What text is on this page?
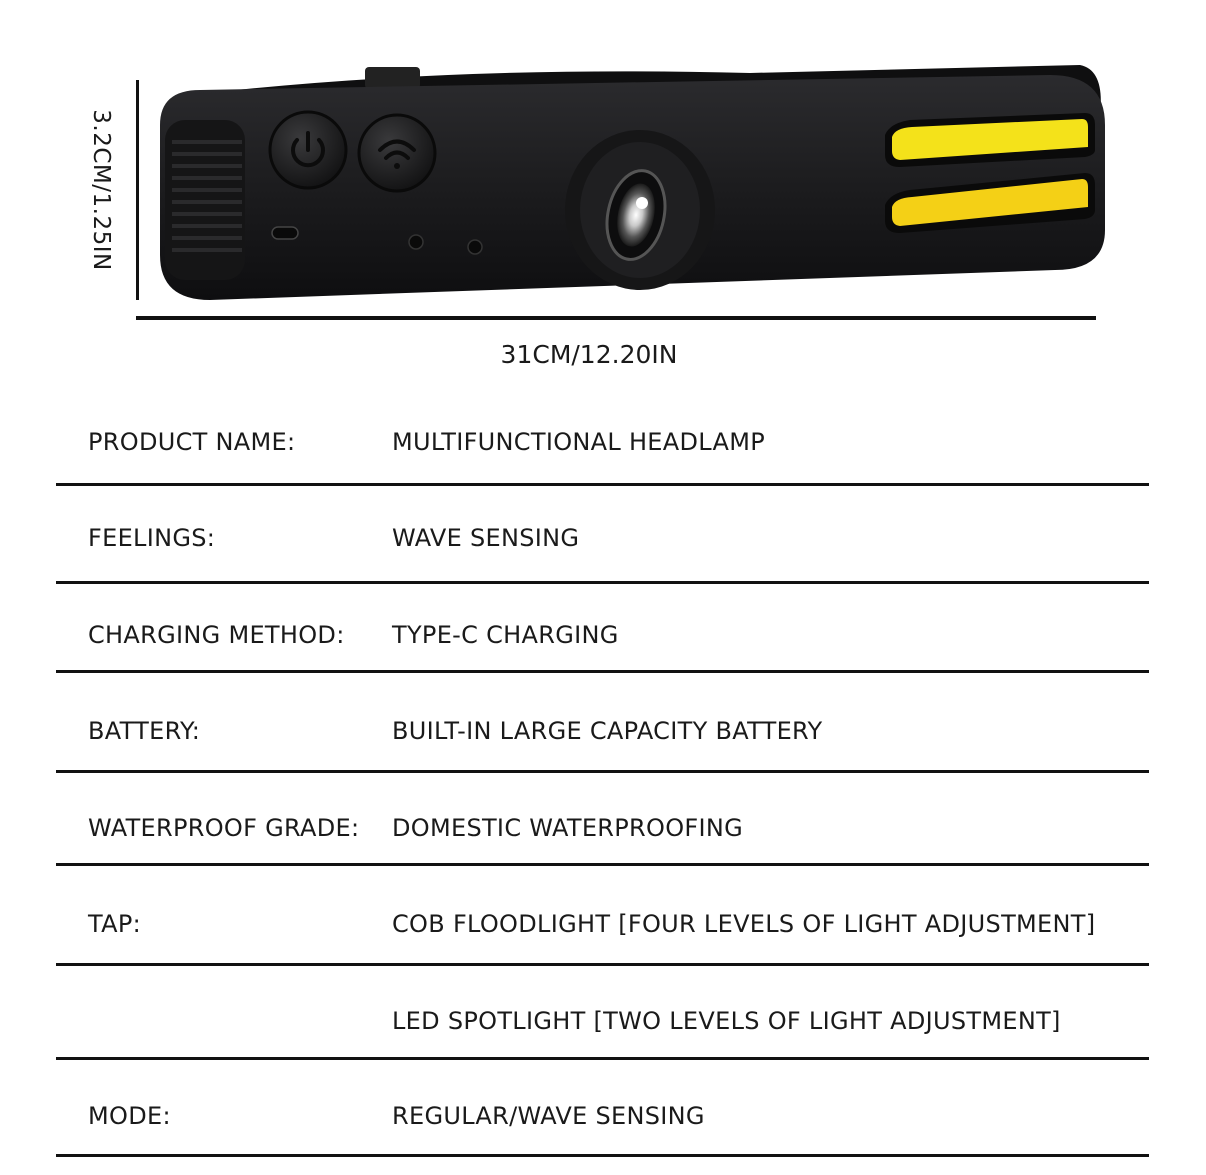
3.2CM/1.25IN
31CM/12.20IN
PRODUCT NAME:	MULTIFUNCTIONAL HEADLAMP
FEELINGS:	WAVE SENSING
CHARGING METHOD: TYPE-C CHARGING
BATTERY:	BUILT-IN LARGE CAPACITY BATTERY
WATERPROOF GRADE: DOMESTIC WATERPROOFING
TAP:	COB FLOODLIGHT [FOUR LEVELS OF LIGHT ADJUSTMENT]
LED SPOTLIGHT [TWO LEVELS OF LIGHT ADJUSTMENT]
MODE:	REGULAR/WAVE SENSING
